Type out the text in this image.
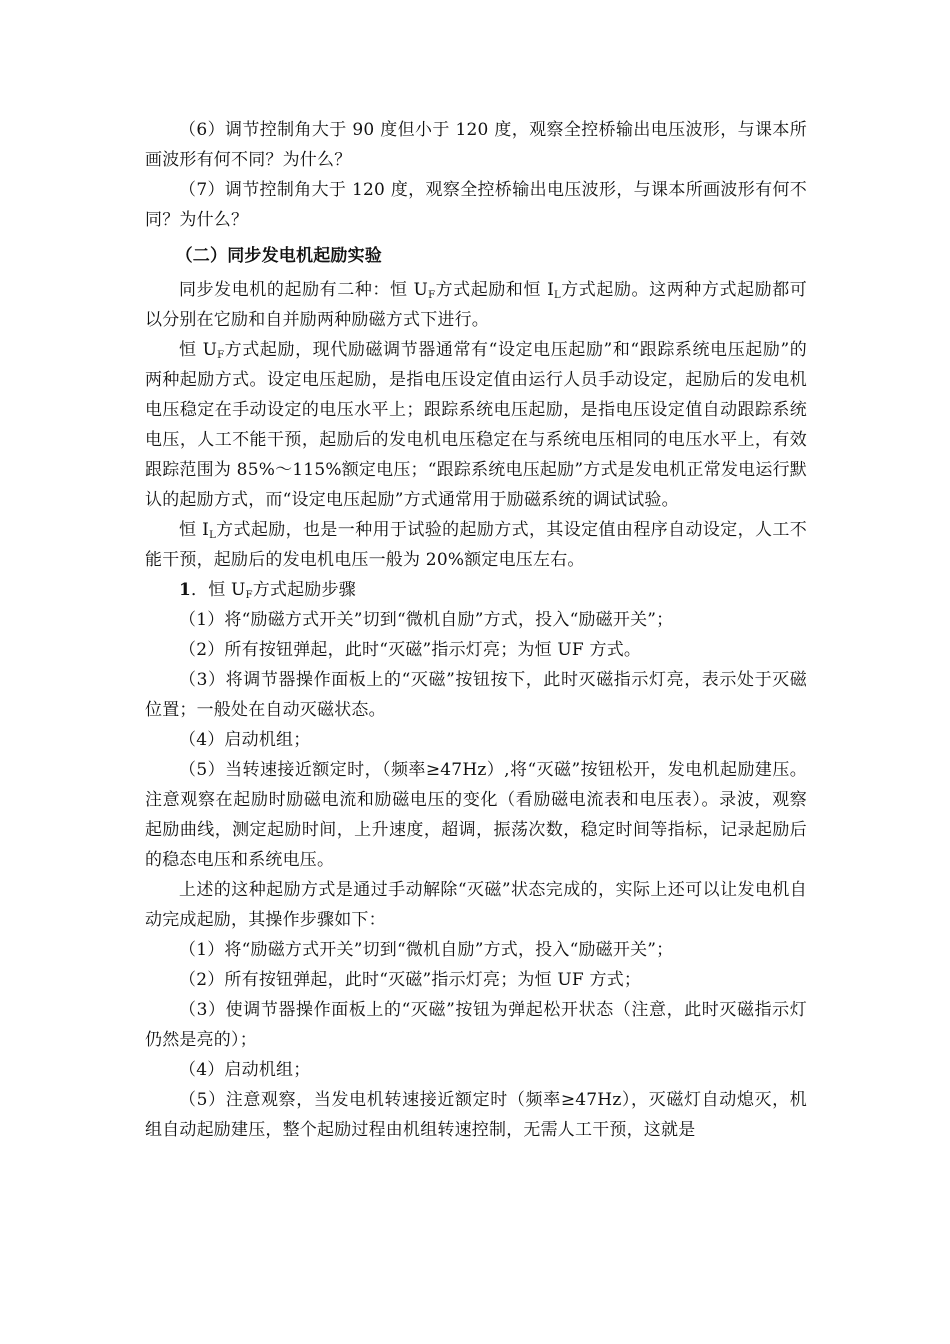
（6）调节控制角大于 90 度但小于 120 度，观察全控桥输出电压波形，与课本所画波形有何不同？为什么？

（7）调节控制角大于 120 度，观察全控桥输出电压波形，与课本所画波形有何不同？为什么？

（二）同步发电机起励实验

同步发电机的起励有二种：恒 $U_F$方式起励和恒 $I_L$方式起励。这两种方式起励都可以分别在它励和自并励两种励磁方式下进行。

恒 $U_F$方式起励，现代励磁调节器通常有“设定电压起励”和“跟踪系统电压起励”的两种起励方式。设定电压起励，是指电压设定值由运行人员手动设定，起励后的发电机电压稳定在手动设定的电压水平上；跟踪系统电压起励，是指电压设定值自动跟踪系统电压，人工不能干预，起励后的发电机电压稳定在与系统电压相同的电压水平上，有效跟踪范围为 85%～115%额定电压；“跟踪系统电压起励”方式是发电机正常发电运行默认的起励方式，而“设定电压起励”方式通常用于励磁系统的调试试验。

恒 $I_L$方式起励，也是一种用于试验的起励方式，其设定值由程序自动设定，人工不能干预，起励后的发电机电压一般为 20%额定电压左右。

1．恒 $U_F$方式起励步骤

（1）将“励磁方式开关”切到“微机自励”方式，投入“励磁开关”；

（2）所有按钮弹起，此时“灭磁”指示灯亮；为恒 UF 方式。

（3）将调节器操作面板上的“灭磁”按钮按下，此时灭磁指示灯亮，表示处于灭磁位置；一般处在自动灭磁状态。

（4）启动机组；

（5）当转速接近额定时，（频率≥47Hz）,将“灭磁”按钮松开，发电机起励建压。注意观察在起励时励磁电流和励磁电压的变化（看励磁电流表和电压表）。录波，观察起励曲线，测定起励时间，上升速度，超调，振荡次数，稳定时间等指标，记录起励后的稳态电压和系统电压。

上述的这种起励方式是通过手动解除“灭磁”状态完成的，实际上还可以让发电机自动完成起励，其操作步骤如下：

（1）将“励磁方式开关”切到“微机自励”方式，投入“励磁开关”；

（2）所有按钮弹起，此时“灭磁”指示灯亮；为恒 UF 方式；

（3）使调节器操作面板上的“灭磁”按钮为弹起松开状态（注意，此时灭磁指示灯仍然是亮的）；

（4）启动机组；

（5）注意观察，当发电机转速接近额定时（频率≥47Hz），灭磁灯自动熄灭，机组自动起励建压，整个起励过程由机组转速控制，无需人工干预，这就是
